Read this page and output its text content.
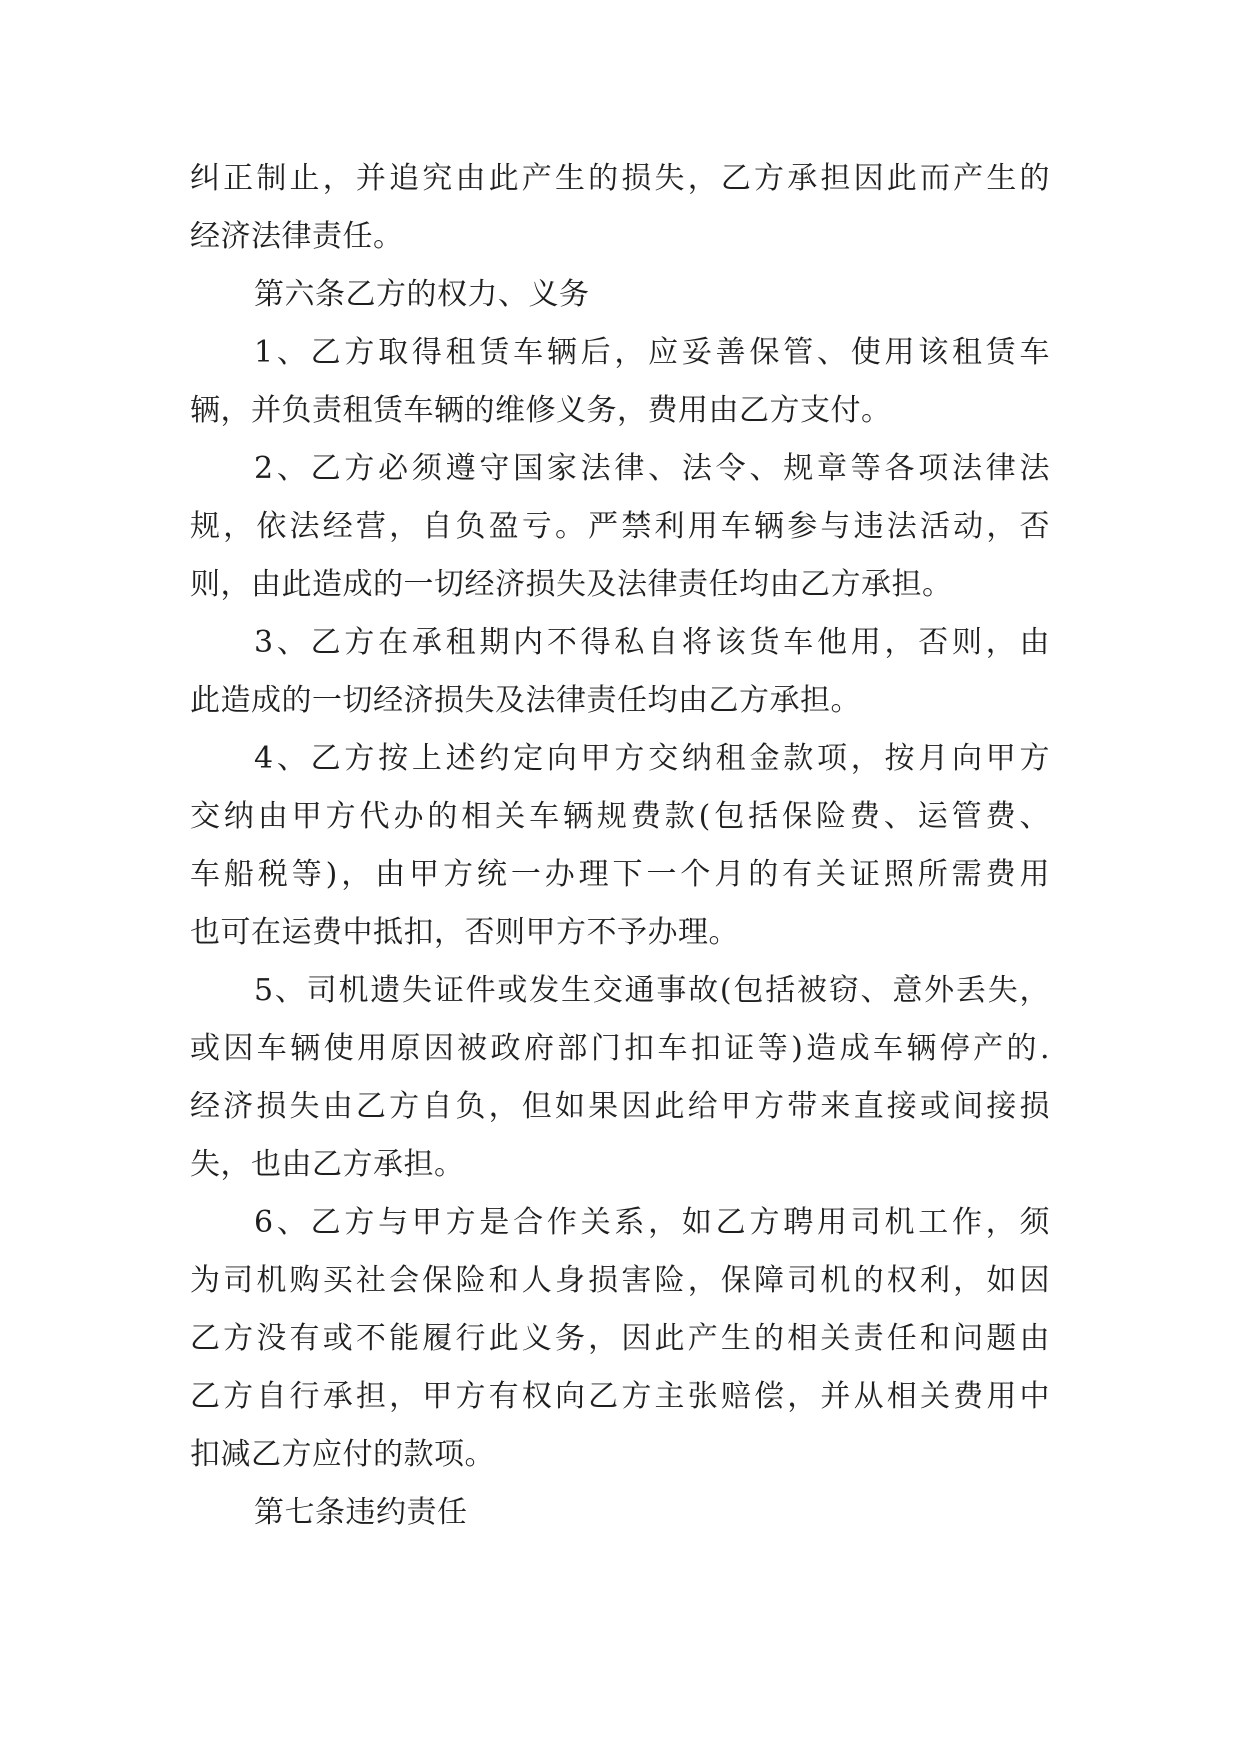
纠正制止，并追究由此产生的损失，乙方承担因此而产生的
经济法律责任。

第六条乙方的权力、义务

1、乙方取得租赁车辆后，应妥善保管、使用该租赁车
辆，并负责租赁车辆的维修义务，费用由乙方支付。

2、乙方必须遵守国家法律、法令、规章等各项法律法
规，依法经营，自负盈亏。严禁利用车辆参与违法活动，否
则，由此造成的一切经济损失及法律责任均由乙方承担。

3、乙方在承租期内不得私自将该货车他用，否则，由
此造成的一切经济损失及法律责任均由乙方承担。

4、乙方按上述约定向甲方交纳租金款项，按月向甲方
交纳由甲方代办的相关车辆规费款(包括保险费、运管费、
车船税等)，由甲方统一办理下一个月的有关证照所需费用
也可在运费中抵扣，否则甲方不予办理。

5、司机遗失证件或发生交通事故(包括被窃、意外丢失，
或因车辆使用原因被政府部门扣车扣证等)造成车辆停产的.
经济损失由乙方自负，但如果因此给甲方带来直接或间接损
失，也由乙方承担。

6、乙方与甲方是合作关系，如乙方聘用司机工作，须
为司机购买社会保险和人身损害险，保障司机的权利，如因
乙方没有或不能履行此义务，因此产生的相关责任和问题由
乙方自行承担，甲方有权向乙方主张赔偿，并从相关费用中
扣减乙方应付的款项。

第七条违约责任
